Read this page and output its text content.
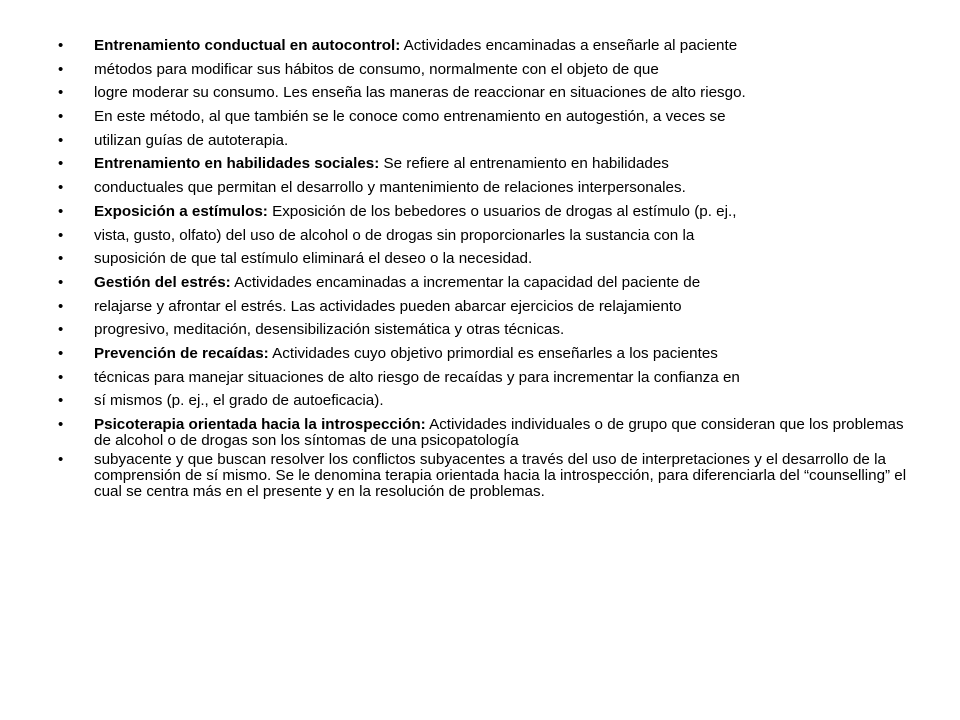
•	Entrenamiento conductual en autocontrol: Actividades encaminadas a enseñarle al paciente
•	métodos para modificar sus hábitos de consumo, normalmente con el objeto de que
•	logre moderar su consumo. Les enseña las maneras de reaccionar en situaciones de alto riesgo.
•	En este método, al que también se le conoce como entrenamiento en autogestión, a veces se
•	utilizan guías de autoterapia.
•	Entrenamiento en habilidades sociales: Se refiere al entrenamiento en habilidades
•	conductuales que permitan el desarrollo y mantenimiento de relaciones interpersonales.
•	Exposición a estímulos: Exposición de los bebedores o usuarios de drogas al estímulo (p. ej.,
•	vista, gusto, olfato) del uso de alcohol o de drogas sin proporcionarles la sustancia con la
•	suposición de que tal estímulo eliminará el deseo o la necesidad.
•	Gestión del estrés: Actividades encaminadas a incrementar la capacidad del paciente de
•	relajarse y afrontar el estrés. Las actividades pueden abarcar ejercicios de relajamiento
•	progresivo, meditación, desensibilización sistemática y otras técnicas.
•	Prevención de recaídas: Actividades cuyo objetivo primordial es enseñarles a los pacientes
•	técnicas para manejar situaciones de alto riesgo de recaídas y para incrementar la confianza en
•	sí mismos (p. ej., el grado de autoeficacia).
•	Psicoterapia orientada hacia la introspección: Actividades individuales o de grupo que consideran que los problemas de alcohol o de drogas son los síntomas de una psicopatología
•	subyacente y que buscan resolver los conflictos subyacentes a través del uso de interpretaciones y el desarrollo de la comprensión de sí mismo. Se le denomina terapia orientada hacia la introspección, para diferenciarla del “counselling” el cual se centra más en el presente y en la resolución de problemas.
